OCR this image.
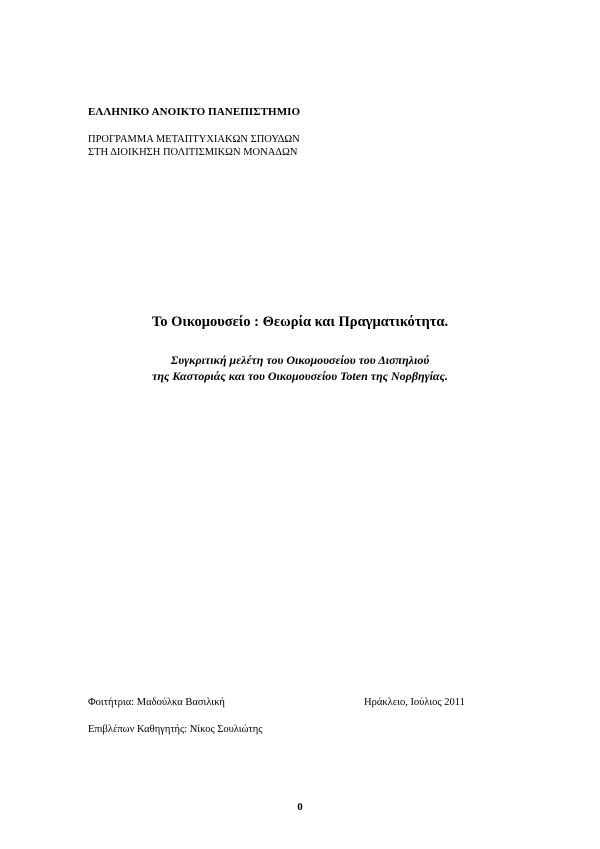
ΕΛΛΗΝΙΚΟ ΑΝΟΙΚΤΟ ΠΑΝΕΠΙΣΤΗΜΙΟ
ΠΡΟΓΡΑΜΜΑ ΜΕΤΑΠΤΥΧΙΑΚΩΝ ΣΠΟΥΔΩΝ
ΣΤΗ ΔΙΟΙΚΗΣΗ ΠΟΛΙΤΙΣΜΙΚΩΝ ΜΟΝΑΔΩΝ
Το Οικομουσείο : Θεωρία και Πραγματικότητα.
Συγκριτική μελέτη του Οικομουσείου του Δισπηλιού
της Καστοριάς και του Οικομουσείου Toten της Νορβηγίας.
Φοιτήτρια: Μαδούλκα Βασιλική	Ηράκλειο, Ιούλιος 2011
Επιβλέπων Καθηγητής: Νίκος Σουλιώτης
0
